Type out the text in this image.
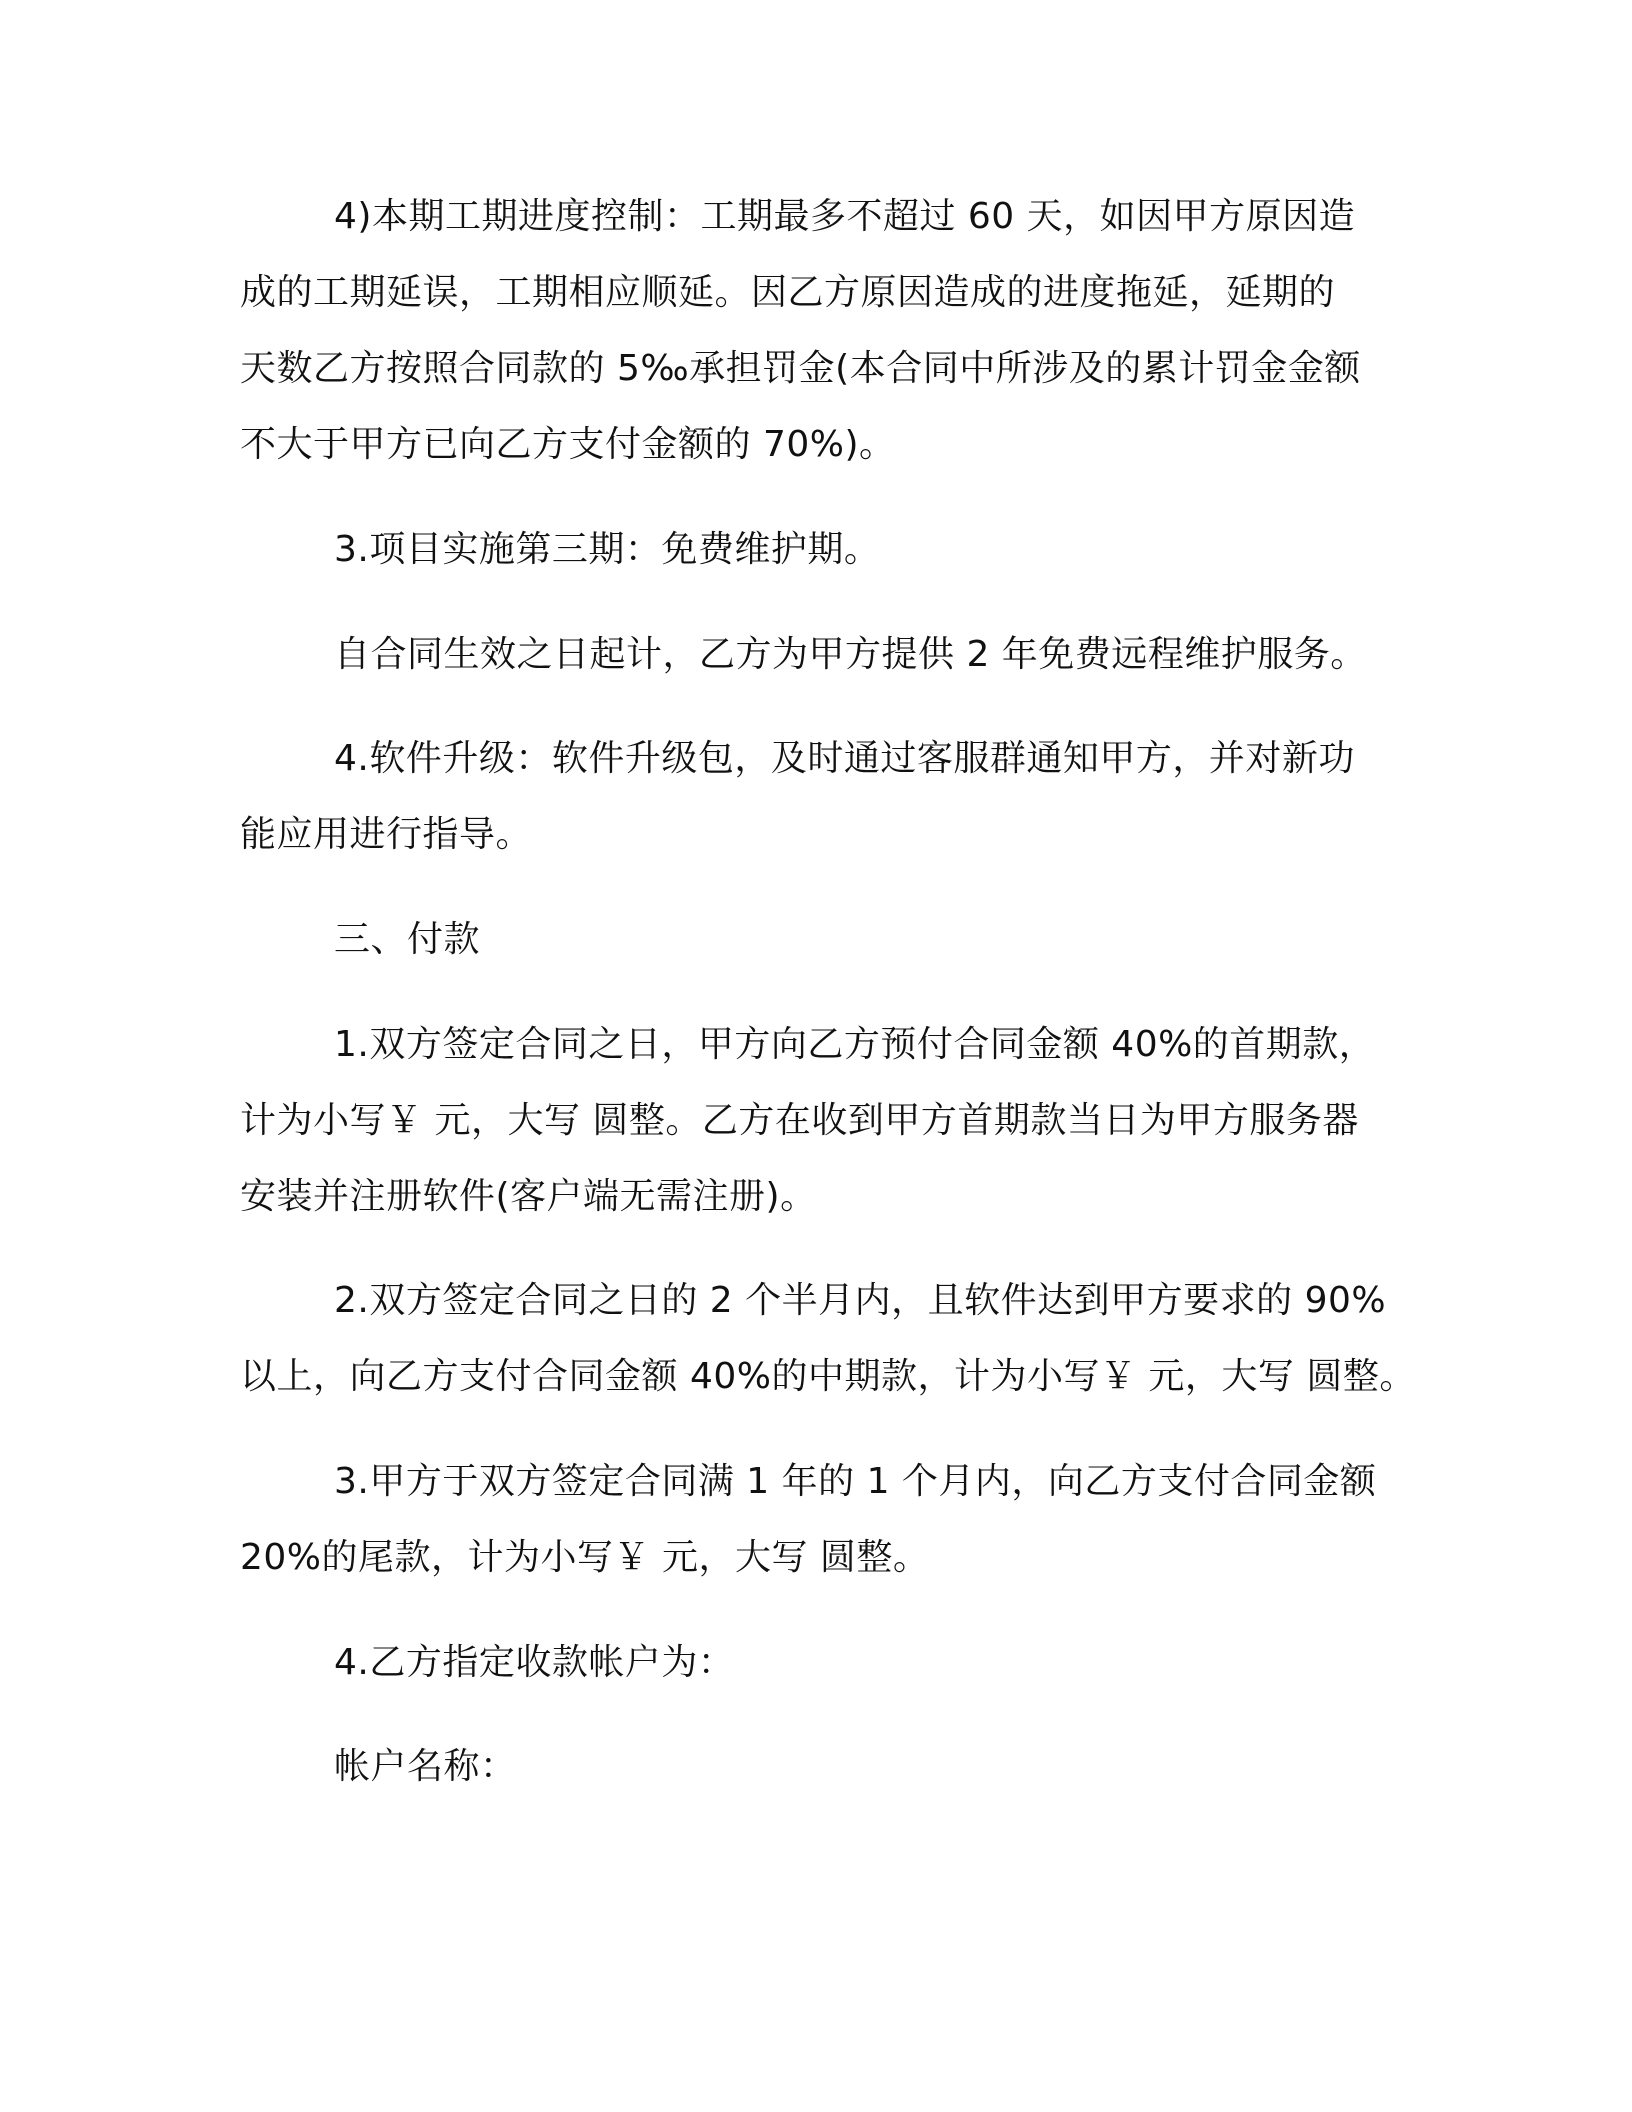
4)本期工期进度控制：工期最多不超过 60 天，如因甲方原因造
成的工期延误，工期相应顺延。因乙方原因造成的进度拖延，延期的
天数乙方按照合同款的 5‰承担罚金(本合同中所涉及的累计罚金金额
不大于甲方已向乙方支付金额的 70%)。
3.项目实施第三期：免费维护期。
自合同生效之日起计，乙方为甲方提供 2 年免费远程维护服务。
4.软件升级：软件升级包，及时通过客服群通知甲方，并对新功
能应用进行指导。
三、付款
1.双方签定合同之日，甲方向乙方预付合同金额 40%的首期款，
计为小写￥ 元，大写 圆整。乙方在收到甲方首期款当日为甲方服务器
安装并注册软件(客户端无需注册)。
2.双方签定合同之日的 2 个半月内，且软件达到甲方要求的 90%
以上，向乙方支付合同金额 40%的中期款，计为小写￥ 元，大写 圆整。
3.甲方于双方签定合同满 1 年的 1 个月内，向乙方支付合同金额
20%的尾款，计为小写￥ 元，大写 圆整。
4.乙方指定收款帐户为：
帐户名称：
